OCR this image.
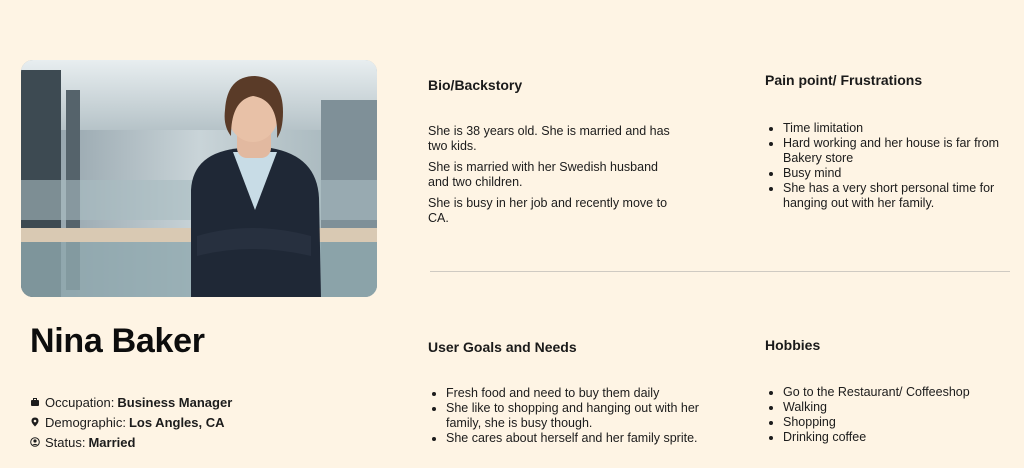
Nina Baker
Occupation: Business Manager
Demographic: Los Angles, CA
Status: Married
Bio/Backstory

She is 38 years old. She is married and has two kids.

She is married with her Swedish husband and two children.

She is busy in her job and recently move to CA.

Pain point/ Frustrations
• Time limitation
• Hard working and her house is far from Bakery store
• Busy mind
• She has a very short personal time for hanging out with her family.
User Goals and Needs
• Fresh food and need to buy them daily
• She like to shopping and hanging out with her family, she is busy though.
• She cares about herself and her family sprite.
Hobbies
• Go to the Restaurant/ Coffeeshop
• Walking
• Shopping
• Drinking coffee
